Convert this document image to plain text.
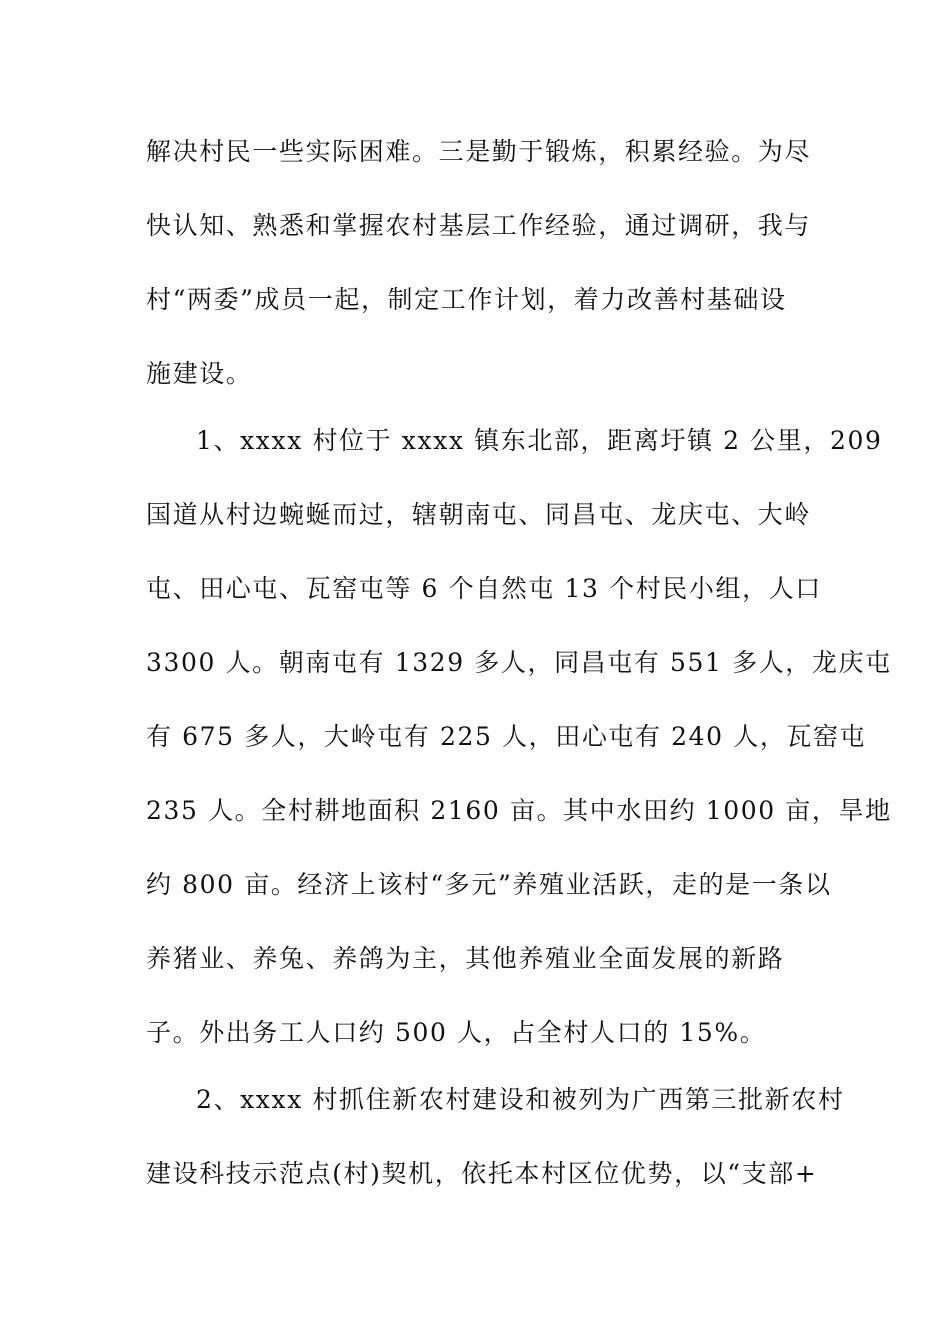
解决村民一些实际困难。三是勤于锻炼，积累经验。为尽
快认知、熟悉和掌握农村基层工作经验，通过调研，我与
村“两委”成员一起，制定工作计划，着力改善村基础设
施建设。
1、xxxx 村位于 xxxx 镇东北部，距离圩镇 2 公里，209
国道从村边蜿蜒而过，辖朝南屯、同昌屯、龙庆屯、大岭
屯、田心屯、瓦窑屯等 6 个自然屯 13 个村民小组，人口
3300 人。朝南屯有 1329 多人，同昌屯有 551 多人，龙庆屯
有 675 多人，大岭屯有 225 人，田心屯有 240 人，瓦窑屯
235 人。全村耕地面积 2160 亩。其中水田约 1000 亩，旱地
约 800 亩。经济上该村“多元”养殖业活跃，走的是一条以
养猪业、养兔、养鸽为主，其他养殖业全面发展的新路
子。外出务工人口约 500 人，占全村人口的 15%。
2、xxxx 村抓住新农村建设和被列为广西第三批新农村
建设科技示范点(村)契机，依托本村区位优势，以“支部+
